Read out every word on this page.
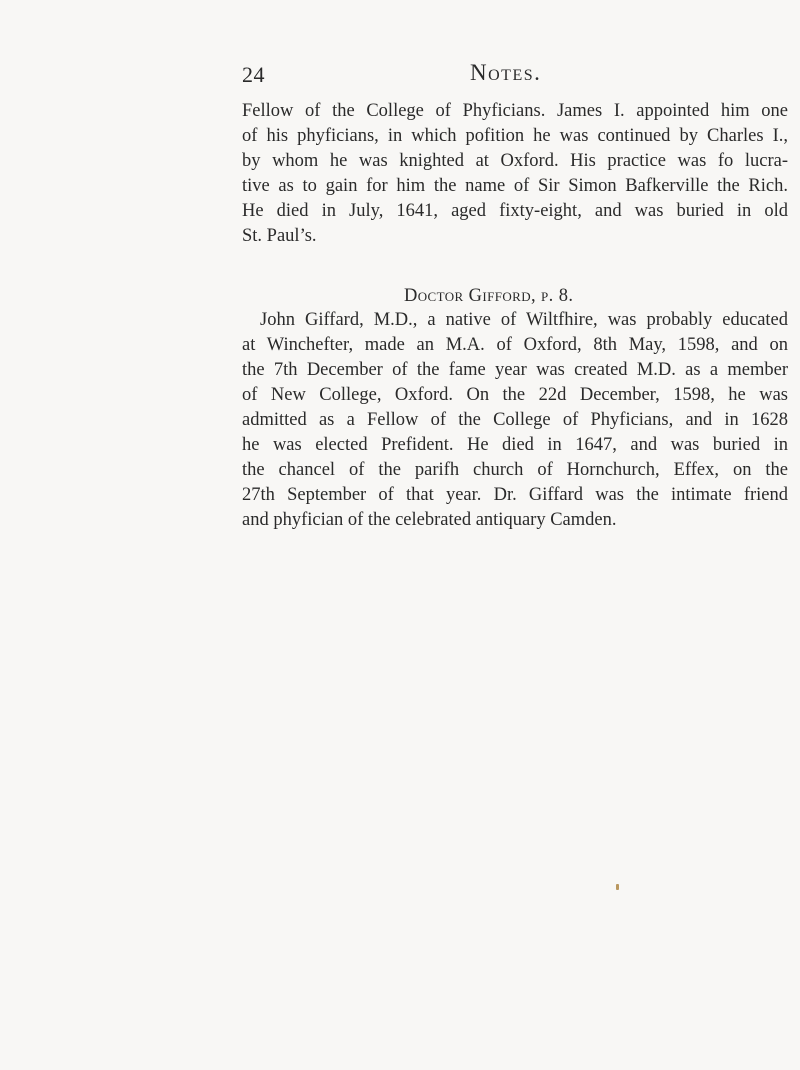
24	Notes.
Fellow of the College of Phyficians. James I. appointed him one
of his phyficians, in which pofition he was continued by Charles I.,
by whom he was knighted at Oxford. His practice was fo lucra-
tive as to gain for him the name of Sir Simon Bafkerville the Rich.
He died in July, 1641, aged fixty-eight, and was buried in old
St. Paul’s.
Doctor Gifford, p. 8.
John Giffard, M.D., a native of Wiltfhire, was probably educated
at Winchefter, made an M.A. of Oxford, 8th May, 1598, and on
the 7th December of the fame year was created M.D. as a member
of New College, Oxford. On the 22d December, 1598, he was
admitted as a Fellow of the College of Phyficians, and in 1628
he was elected Prefident. He died in 1647, and was buried in
the chancel of the parifh church of Hornchurch, Effex, on the
27th September of that year. Dr. Giffard was the intimate friend
and phyfician of the celebrated antiquary Camden.
